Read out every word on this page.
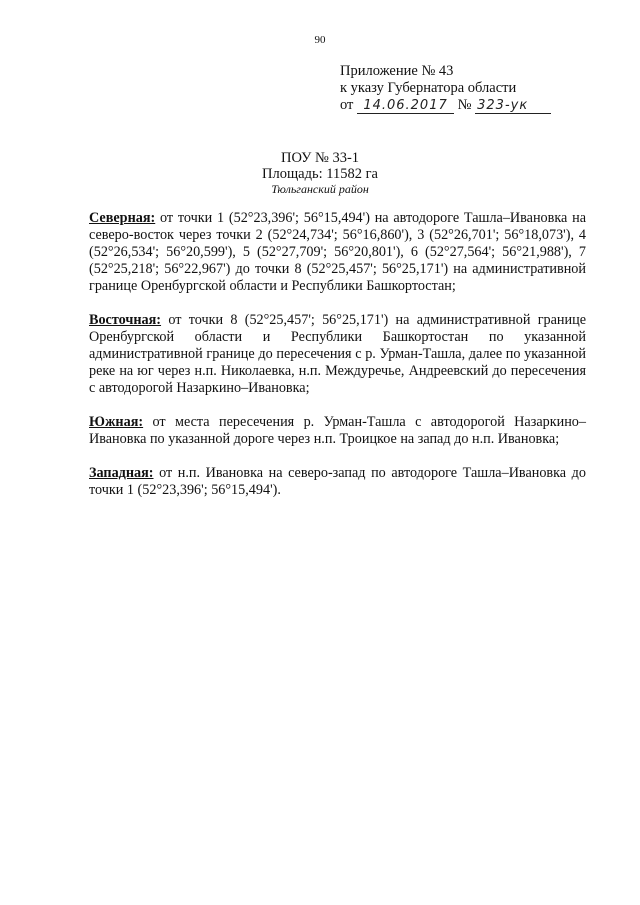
90
Приложение № 43
к указу Губернатора области
от 14.06.2017 № 323-ук
ПОУ № 33-1
Площадь: 11582 га
Тюльганский район

Северная: от точки 1 (52°23,396'; 56°15,494') на автодороге Ташла–Ивановка на северо-восток через точки 2 (52°24,734'; 56°16,860'), 3 (52°26,701'; 56°18,073'), 4 (52°26,534'; 56°20,599'), 5 (52°27,709'; 56°20,801'), 6 (52°27,564'; 56°21,988'), 7 (52°25,218'; 56°22,967') до точки 8 (52°25,457'; 56°25,171') на административной границе Оренбургской области и Республики Башкортостан;

Восточная: от точки 8 (52°25,457'; 56°25,171') на административной границе Оренбургской области и Республики Башкортостан по указанной административной границе до пересечения с р. Урман-Ташла, далее по указанной реке на юг через н.п. Николаевка, н.п. Междуречье, Андреевский до пересечения с автодорогой Назаркино–Ивановка;

Южная: от места пересечения р. Урман-Ташла с автодорогой Назаркино–Ивановка по указанной дороге через н.п. Троицкое на запад до н.п. Ивановка;

Западная: от н.п. Ивановка на северо-запад по автодороге Ташла–Ивановка до точки 1 (52°23,396'; 56°15,494').
